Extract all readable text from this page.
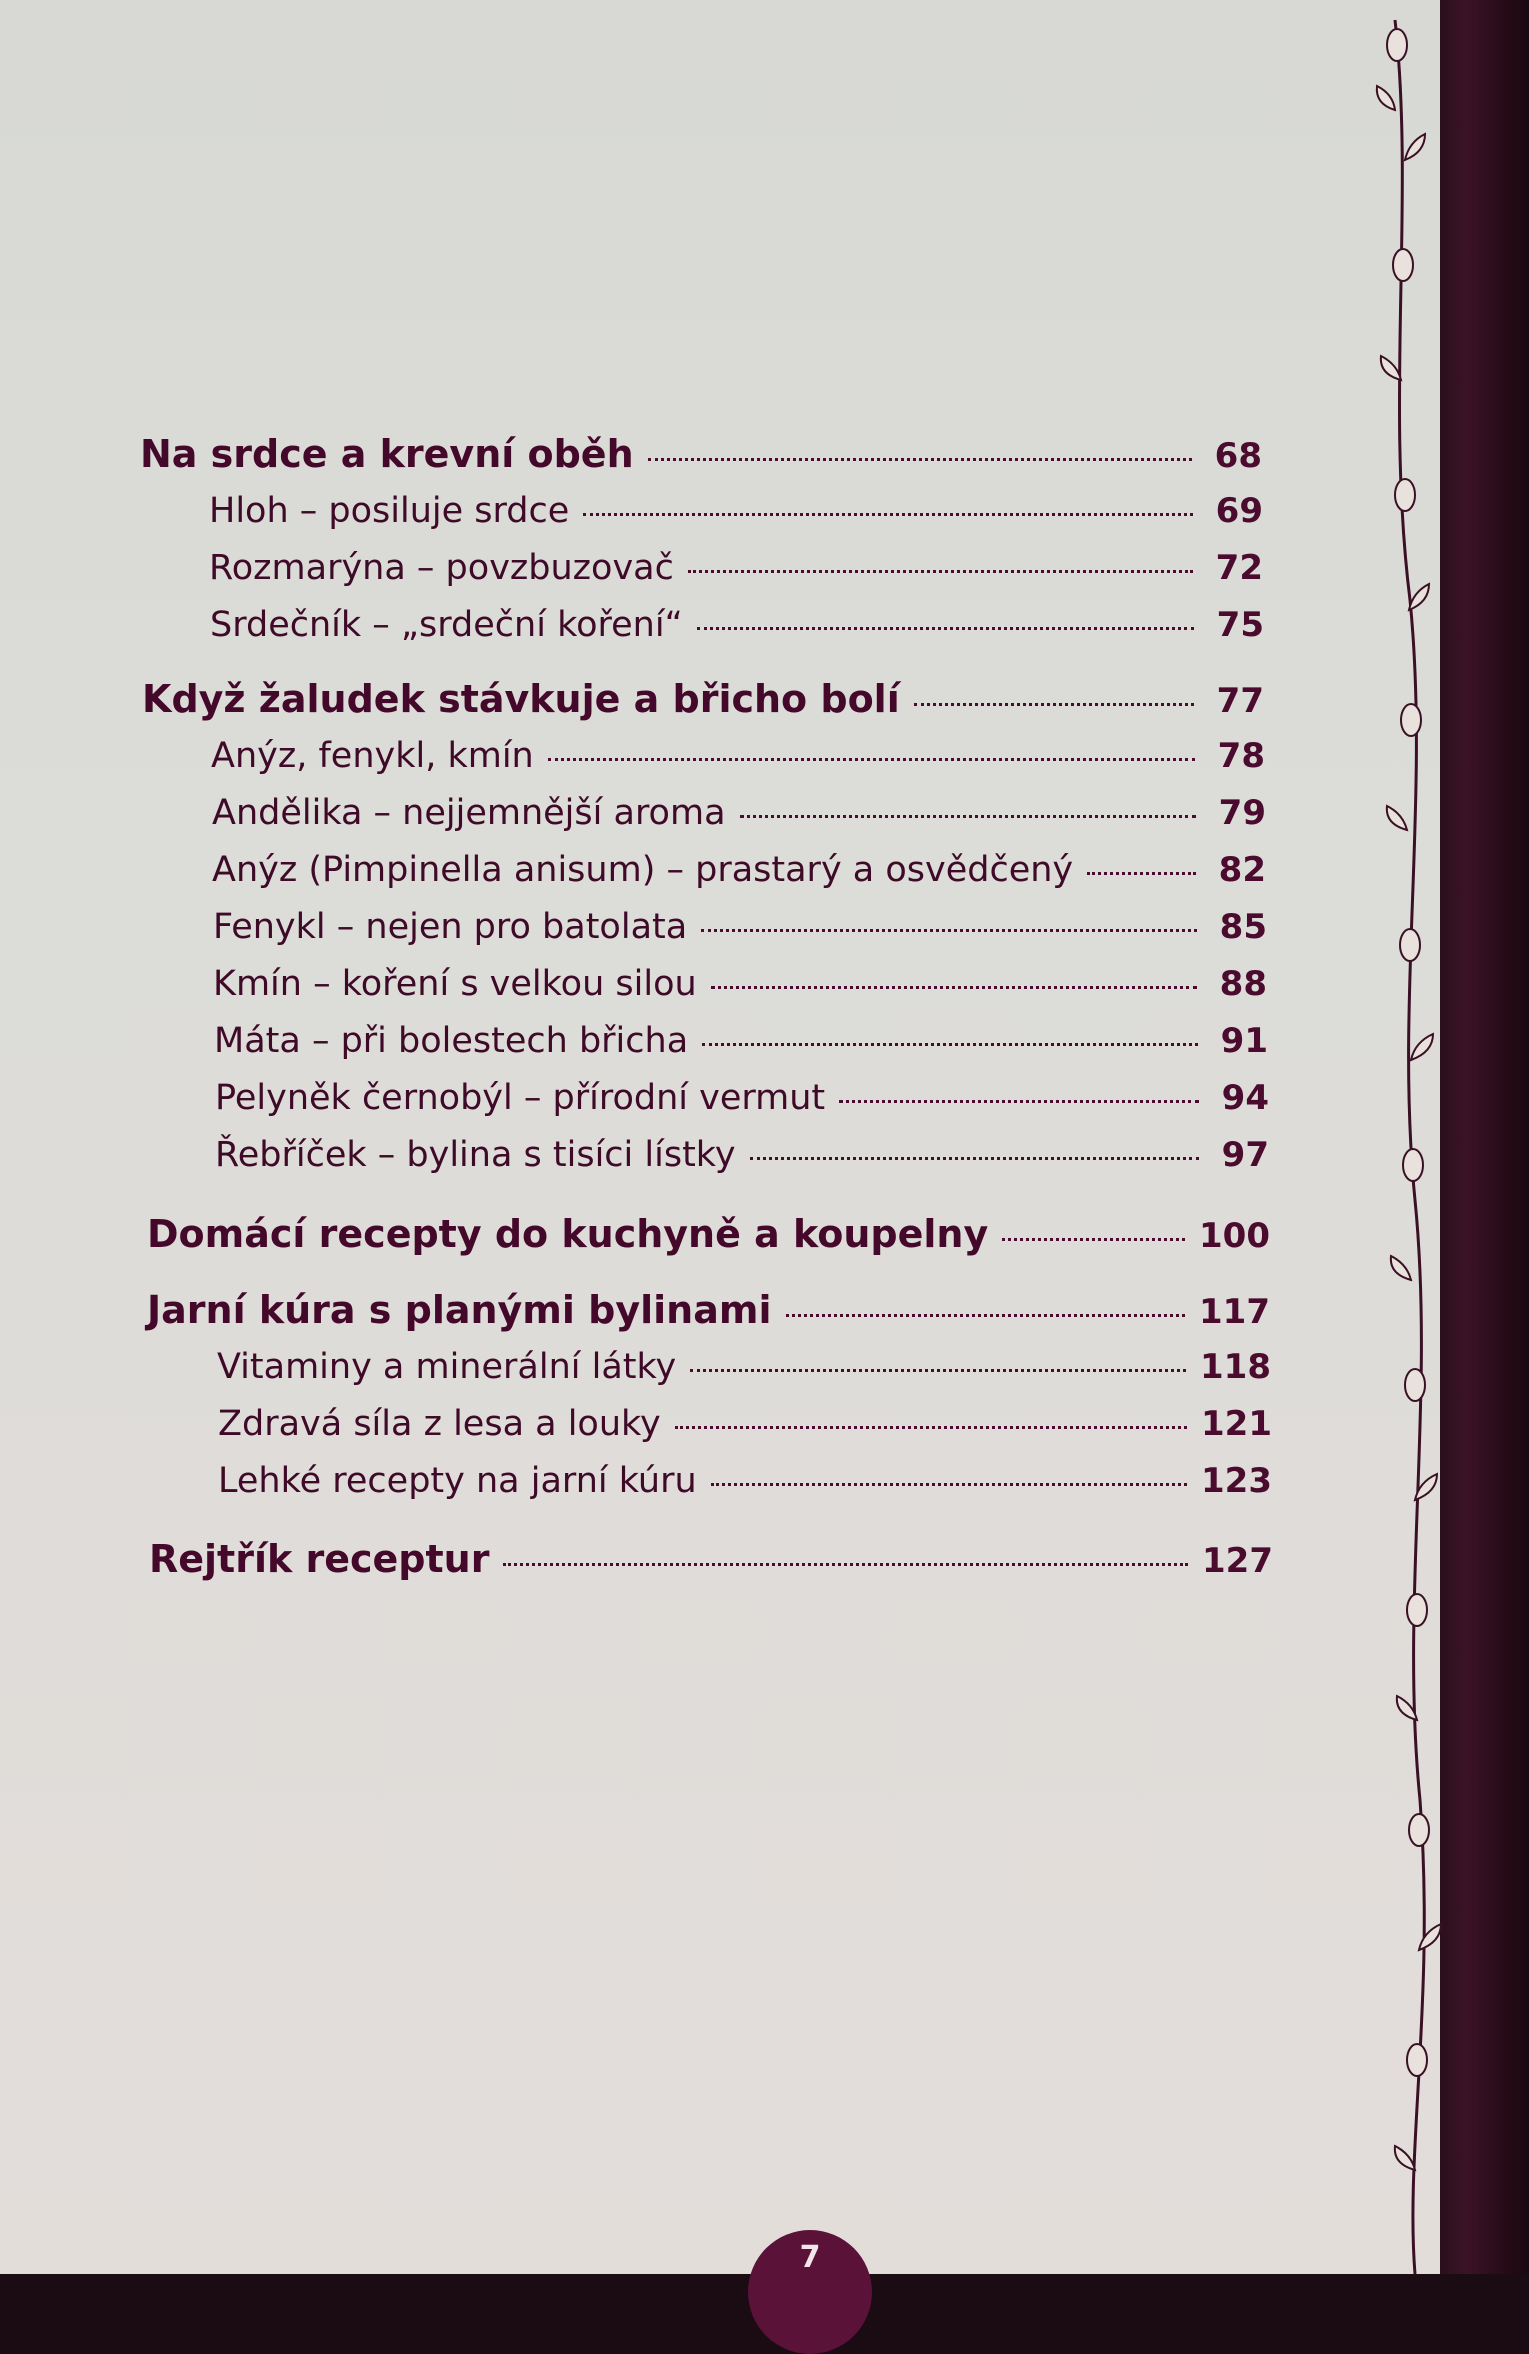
Na srdce a krevní oběh	68
Hloh – posiluje srdce	69
Rozmarýna – povzbuzovač	72
Srdečník – „srdeční koření“	75
Když žaludek stávkuje a břicho bolí	77
Anýz, fenykl, kmín	78
Andělika – nejjemnější aroma	79
Anýz (Pimpinella anisum) – prastarý a osvědčený	82
Fenykl – nejen pro batolata	85
Kmín – koření s velkou silou	88
Máta – při bolestech břicha	91
Pelyněk černobýl – přírodní vermut	94
Řebříček – bylina s tisíci lístky	97
Domácí recepty do kuchyně a koupelny	100
Jarní kúra s planými bylinami	117
Vitaminy a minerální látky	118
Zdravá síla z lesa a louky	121
Lehké recepty na jarní kúru	123
Rejtřík receptur	127
7
